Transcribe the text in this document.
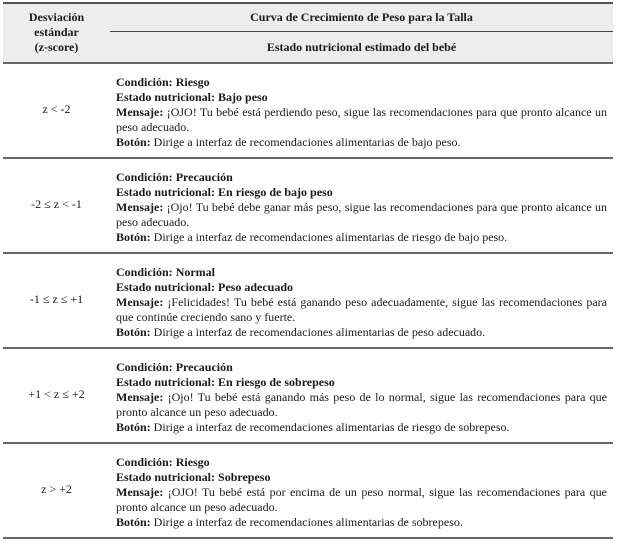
Desviación
estándar
(z-score)
Curva de Crecimiento de Peso para la Talla
Estado nutricional estimado del bebé
z < -2
Condición: Riesgo
Estado nutricional: Bajo peso
Mensaje: ¡OJO! Tu bebé está perdiendo peso, sigue las recomendaciones para que pronto alcance un peso adecuado.
Botón: Dirige a interfaz de recomendaciones alimentarias de bajo peso.
-2 ≤ z < -1
Condición: Precaución
Estado nutricional: En riesgo de bajo peso
Mensaje: ¡Ojo! Tu bebé debe ganar más peso, sigue las recomendaciones para que pronto alcance un peso adecuado.
Botón: Dirige a interfaz de recomendaciones alimentarias de riesgo de bajo peso.
-1 ≤ z ≤ +1
Condición: Normal
Estado nutricional: Peso adecuado
Mensaje: ¡Felicidades! Tu bebé está ganando peso adecuadamente, sigue las recomendaciones para que continúe creciendo sano y fuerte.
Botón: Dirige a interfaz de recomendaciones alimentarias de peso adecuado.
+1 < z ≤ +2
Condición: Precaución
Estado nutricional: En riesgo de sobrepeso
Mensaje: ¡Ojo! Tu bebé está ganando más peso de lo normal, sigue las recomendaciones para que pronto alcance un peso adecuado.
Botón: Dirige a interfaz de recomendaciones alimentarias de riesgo de sobrepeso.
z > +2
Condición: Riesgo
Estado nutricional: Sobrepeso
Mensaje: ¡OJO! Tu bebé está por encima de un peso normal, sigue las recomendaciones para que pronto alcance un peso adecuado.
Botón: Dirige a interfaz de recomendaciones alimentarias de sobrepeso.
